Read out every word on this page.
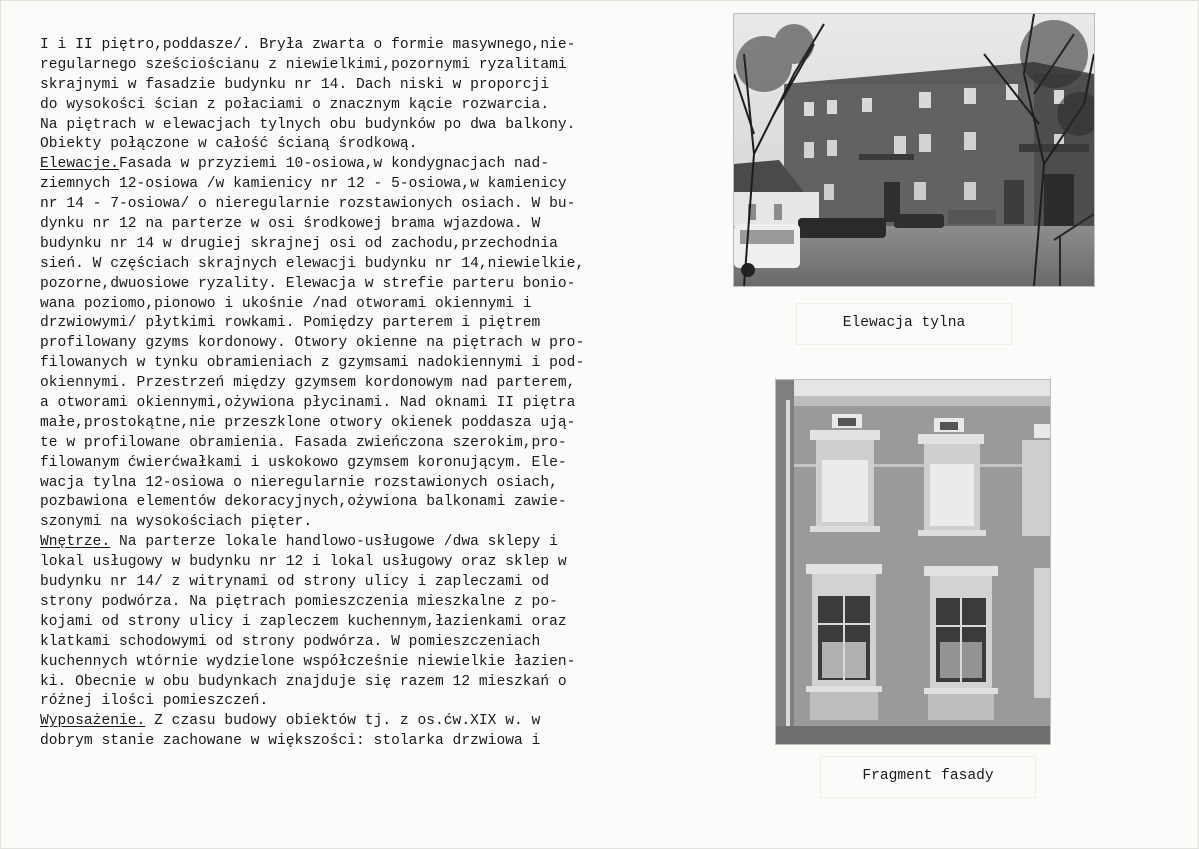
I i II piętro,poddasze/. Bryła zwarta o formie masywnego,nie-
regularnego sześciościanu z niewielkimi,pozornymi ryzalitami
skrajnymi w fasadzie budynku nr 14. Dach niski w proporcji
do wysokości ścian z połaciami o znacznym kącie rozwarcia.
Na piętrach w elewacjach tylnych obu budynków po dwa balkony.
Obiekty połączone w całość ścianą środkową.
Elewacje.Fasada w przyziemi 10-osiowa,w kondygnacjach nad-
ziemnych 12-osiowa /w kamienicy nr 12 - 5-osiowa,w kamienicy
nr 14 - 7-osiowa/ o nieregularnie rozstawionych osiach. W bu-
dynku nr 12 na parterze w osi środkowej brama wjazdowa. W
budynku nr 14 w drugiej skrajnej osi od zachodu,przechodnia
sień. W częściach skrajnych elewacji budynku nr 14,niewielkie,
pozorne,dwuosiowe ryzality. Elewacja w strefie parteru bonio-
wana poziomo,pionowo i ukośnie /nad otworami okiennymi i
drzwiowymi/ płytkimi rowkami. Pomiędzy parterem i piętrem
profilowany gzyms kordonowy. Otwory okienne na piętrach w pro-
filowanych w tynku obramieniach z gzymsami nadokiennymi i pod-
okiennymi. Przestrzeń między gzymsem kordonowym nad parterem,
a otworami okiennymi,ożywiona płycinami. Nad oknami II piętra
małe,prostokątne,nie przeszklone otwory okienek poddasza ują-
te w profilowane obramienia. Fasada zwieńczona szerokim,pro-
filowanym ćwierćwałkami i uskokowo gzymsem koronującym. Ele-
wacja tylna 12-osiowa o nieregularnie rozstawionych osiach,
pozbawiona elementów dekoracyjnych,ożywiona balkonami zawie-
szonymi na wysokościach pięter.
Wnętrze. Na parterze lokale handlowo-usługowe /dwa sklepy i
lokal usługowy w budynku nr 12 i lokal usługowy oraz sklep w
budynku nr 14/ z witrynami od strony ulicy i zapleczami od
strony podwórza. Na piętrach pomieszczenia mieszkalne z po-
kojami od strony ulicy i zapleczem kuchennym,łazienkami oraz
klatkami schodowymi od strony podwórza. W pomieszczeniach
kuchennych wtórnie wydzielone współcześnie niewielkie łazien-
ki. Obecnie w obu budynkach znajduje się razem 12 mieszkań o
różnej ilości pomieszczeń.
Wyposażenie. Z czasu budowy obiektów tj. z os.ćw.XIX w. w
dobrym stanie zachowane w większości: stolarka drzwiowa i
Elewacja tylna
Fragment fasady
